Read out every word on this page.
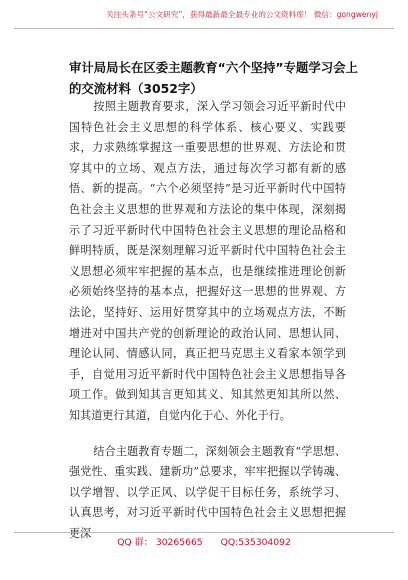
关注头条号“公文研究”，获得最新最全最专业的公文资料库！ 微信：gongwenyj
审计局局长在区委主题教育“六个坚持”专题学习会上的交流材料（3052字）

按照主题教育要求，深入学习领会习近平新时代中国特色社会主义思想的科学体系、核心要义、实践要求，力求熟练掌握这一重要思想的世界观、方法论和贯穿其中的立场、观点方法，通过每次学习都有新的感悟、新的提高。“六个必须坚持”是习近平新时代中国特色社会主义思想的世界观和方法论的集中体现，深刻揭示了习近平新时代中国特色社会主义思想的理论品格和鲜明特质，既是深刻理解习近平新时代中国特色社会主义思想必须牢牢把握的基本点，也是继续推进理论创新必须始终坚持的基本点，把握好这一思想的世界观、方法论，坚持好、运用好贯穿其中的立场观点方法，不断增进对中国共产党的创新理论的政治认同、思想认同、理论认同、情感认同，真正把马克思主义看家本领学到手，自觉用习近平新时代中国特色社会主义思想指导各项工作。做到知其言更知其义、知其然更知其所以然、知其道更行其道，自觉内化于心、外化于行。

结合主题教育专题二，深刻领会主题教育“学思想、强党性、重实践、建新功”总要求，牢牢把握以学铸魂、以学增智、以学正风、以学促干目标任务，系统学习、认真思考，对习近平新时代中国特色社会主义思想把握更深

QQ 群： 30265665 QQ:535304092
